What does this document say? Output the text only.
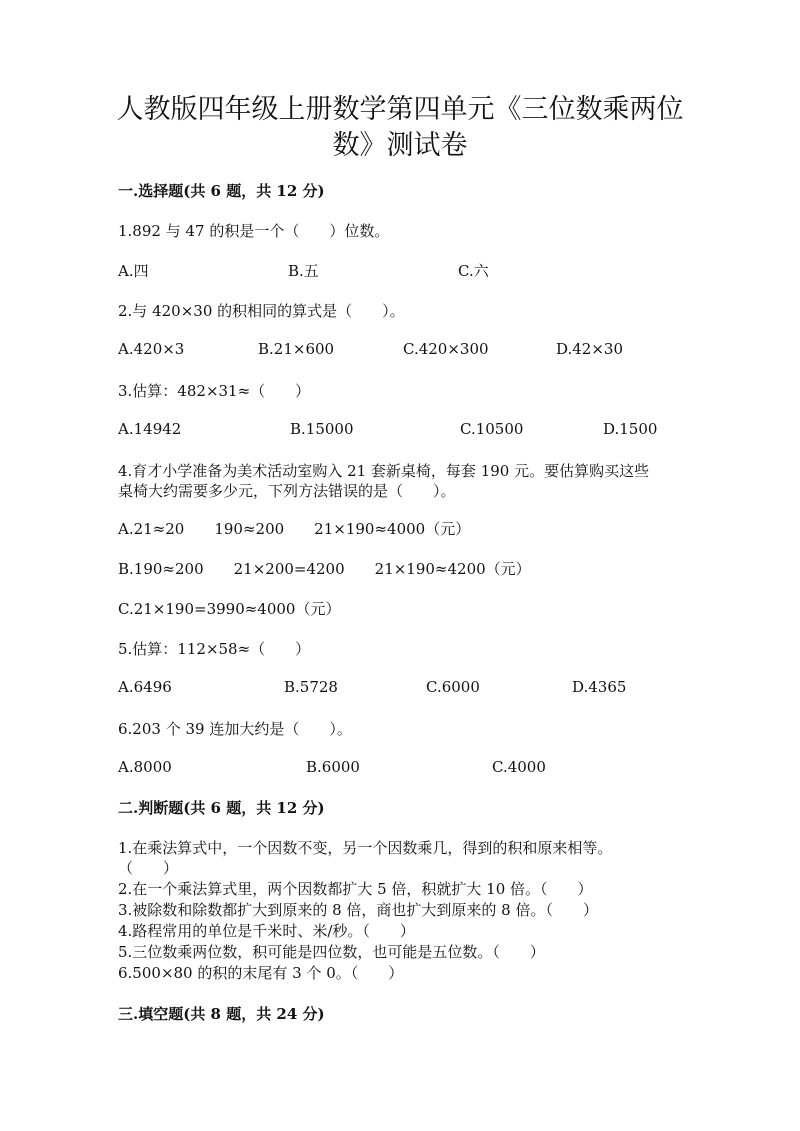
人教版四年级上册数学第四单元《三位数乘两位
数》测试卷
一.选择题(共 6 题，共 12 分)
1.892 与 47 的积是一个（　　）位数。
A.四	B.五	C.六
2.与 420×30 的积相同的算式是（　　）。
A.420×3	B.21×600	C.420×300	D.42×30
3.估算：482×31≈（　　）
A.14942	B.15000	C.10500	D.1500
4.育才小学准备为美术活动室购入 21 套新桌椅，每套 190 元。要估算购买这些
桌椅大约需要多少元，下列方法错误的是（　　）。
A.21≈20　　190≈200　　21×190≈4000（元）
B.190≈200　　21×200=4200　　21×190≈4200（元）
C.21×190=3990≈4000（元）
5.估算：112×58≈（　　）
A.6496	B.5728	C.6000	D.4365
6.203 个 39 连加大约是（　　）。
A.8000	B.6000	C.4000
二.判断题(共 6 题，共 12 分)
1.在乘法算式中，一个因数不变，另一个因数乘几，得到的积和原来相等。
（　　）
2.在一个乘法算式里，两个因数都扩大 5 倍，积就扩大 10 倍。（　　）
3.被除数和除数都扩大到原来的 8 倍，商也扩大到原来的 8 倍。（　　）
4.路程常用的单位是千米时、米/秒。（　　）
5.三位数乘两位数，积可能是四位数，也可能是五位数。（　　）
6.500×80 的积的末尾有 3 个 0。（　　）
三.填空题(共 8 题，共 24 分)
